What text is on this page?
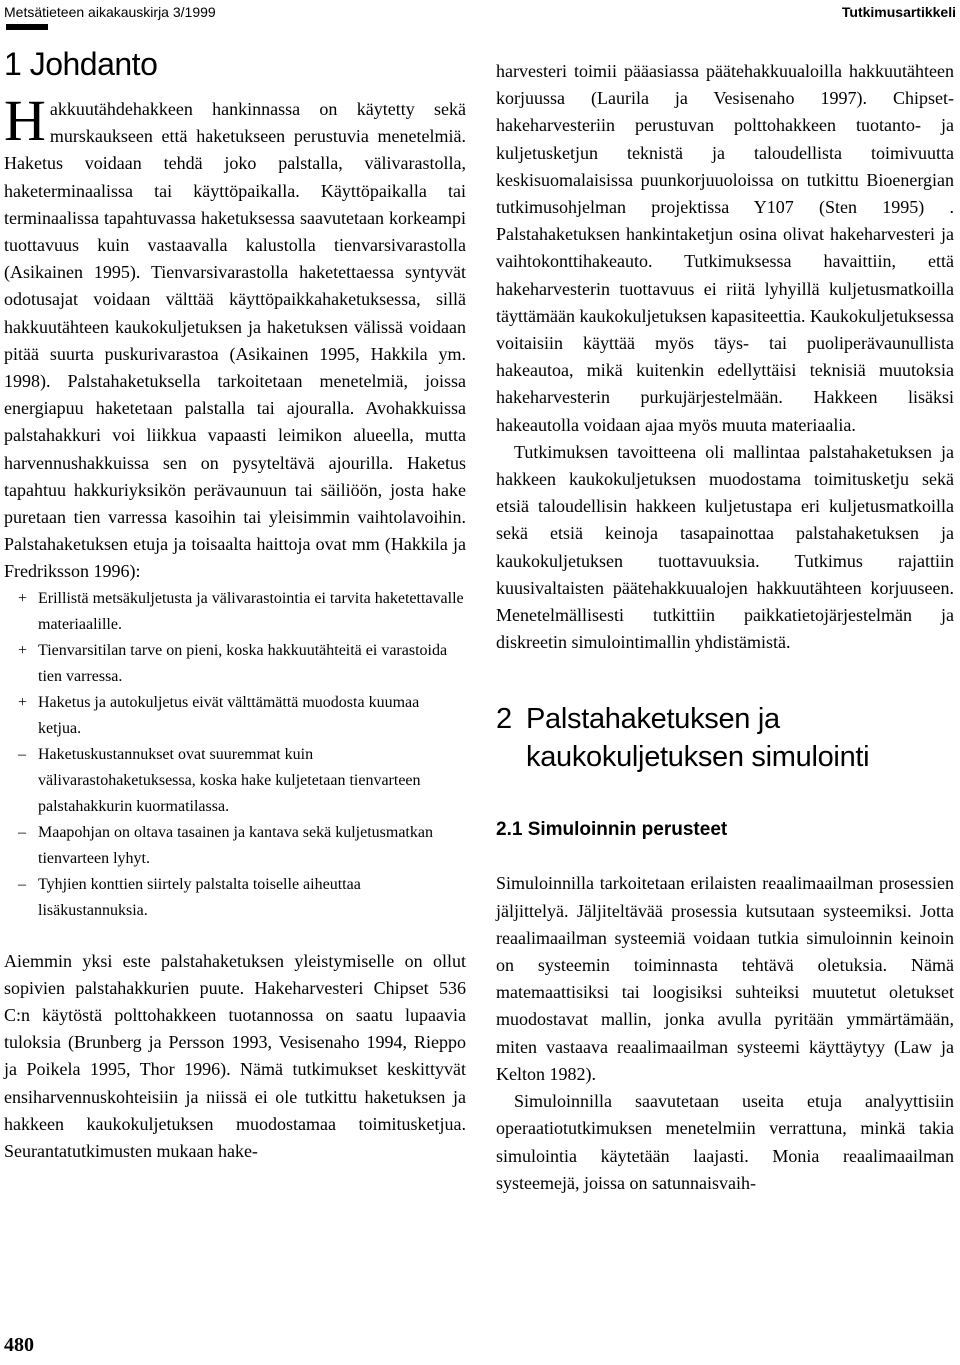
Metsätieteen aikakauskirja 3/1999	Tutkimusartikkeli
1 Johdanto

Hakkuutähdehakkeen hankinnassa on käytetty sekä murskaukseen että haketukseen perustuvia menetelmiä. Haketus voidaan tehdä joko palstalla, välivarastolla, haketerminaalissa tai käyttöpaikalla. Käyttöpaikalla tai terminaalissa tapahtuvassa haketuksessa saavutetaan korkeampi tuottavuus kuin vastaavalla kalustolla tienvarsivarastolla (Asikainen 1995). Tienvarsivarastolla haketettaessa syntyvät odotusajat voidaan välttää käyttöpaikkahaketuksessa, sillä hakkuutähteen kaukokuljetuksen ja haketuksen välissä voidaan pitää suurta puskurivarastoa (Asikainen 1995, Hakkila ym. 1998). Palstahaketuksella tarkoitetaan menetelmiä, joissa energiapuu haketetaan palstalla tai ajouralla. Avohakkuissa palstahakkuri voi liikkua vapaasti leimikon alueella, mutta harvennushakkuissa sen on pysyteltävä ajourilla. Haketus tapahtuu hakkuriyksikön perävaunuun tai säiliöön, josta hake puretaan tien varressa kasoihin tai yleisimmin vaihtolavoihin. Palstahaketuksen etuja ja toisaalta haittoja ovat mm (Hakkila ja Fredriksson 1996):

+ Erillistä metsäkuljetusta ja välivarastointia ei tarvita haketettavalle materiaalille.
+ Tienvarsitilan tarve on pieni, koska hakkuutähteitä ei varastoida tien varressa.
+ Haketus ja autokuljetus eivät välttämättä muodosta kuumaa ketjua.
– Haketuskustannukset ovat suuremmat kuin välivarastohaketuksessa, koska hake kuljetetaan tienvarteen palstahakkurin kuormatilassa.
– Maapohjan on oltava tasainen ja kantava sekä kuljetusmatkan tienvarteen lyhyt.
– Tyhjien konttien siirtely palstalta toiselle aiheuttaa lisäkustannuksia.

Aiemmin yksi este palstahaketuksen yleistymiselle on ollut sopivien palstahakkurien puute. Hakeharvesteri Chipset 536 C:n käytöstä polttohakkeen tuotannossa on saatu lupaavia tuloksia (Brunberg ja Persson 1993, Vesisenaho 1994, Rieppo ja Poikela 1995, Thor 1996). Nämä tutkimukset keskittyvät ensiharvennuskohteisiin ja niissä ei ole tutkittu haketuksen ja hakkeen kaukokuljetuksen muodostamaa toimitusketjua. Seurantatutkimusten mukaan hake-

harvesteri toimii pääasiassa päätehakkuualoilla hakkuutähteen korjuussa (Laurila ja Vesisenaho 1997). Chipset-hakeharvesteriin perustuvan polttohakkeen tuotanto- ja kuljetusketjun teknistä ja taloudellista toimivuutta keskisuomalaisissa puunkorjuuoloissa on tutkittu Bioenergian tutkimusohjelman projektissa Y107 (Sten 1995) . Palstahaketuksen hankintaketjun osina olivat hakeharvesteri ja vaihtokonttihakeauto. Tutkimuksessa havaittiin, että hakeharvesterin tuottavuus ei riitä lyhyillä kuljetusmatkoilla täyttämään kaukokuljetuksen kapasiteettia. Kaukokuljetuksessa voitaisiin käyttää myös täys- tai puoliperävaunullista hakeautoa, mikä kuitenkin edellyttäisi teknisiä muutoksia hakeharvesterin purkujärjestelmään. Hakkeen lisäksi hakeautolla voidaan ajaa myös muuta materiaalia.

Tutkimuksen tavoitteena oli mallintaa palstahaketuksen ja hakkeen kaukokuljetuksen muodostama toimitusketju sekä etsiä taloudellisin hakkeen kuljetustapa eri kuljetusmatkoilla sekä etsiä keinoja tasapainottaa palstahaketuksen ja kaukokuljetuksen tuottavuuksia. Tutkimus rajattiin kuusivaltaisten päätehakkuualojen hakkuutähteen korjuuseen. Menetelmällisesti tutkittiin paikkatietojärjestelmän ja diskreetin simulointimallin yhdistämistä.

2 Palstahaketuksen ja kaukokuljetuksen simulointi
2.1 Simuloinnin perusteet

Simuloinnilla tarkoitetaan erilaisten reaalimaailman prosessien jäljittelyä. Jäljiteltävää prosessia kutsutaan systeemiksi. Jotta reaalimaailman systeemiä voidaan tutkia simuloinnin keinoin on systeemin toiminnasta tehtävä oletuksia. Nämä matemaattisiksi tai loogisiksi suhteiksi muutetut oletukset muodostavat mallin, jonka avulla pyritään ymmärtämään, miten vastaava reaalimaailman systeemi käyttäytyy (Law ja Kelton 1982).

Simuloinnilla saavutetaan useita etuja analyyttisiin operaatiotutkimuksen menetelmiin verrattuna, minkä takia simulointia käytetään laajasti. Monia reaalimaailman systeemejä, joissa on satunnaisvaih-

480
